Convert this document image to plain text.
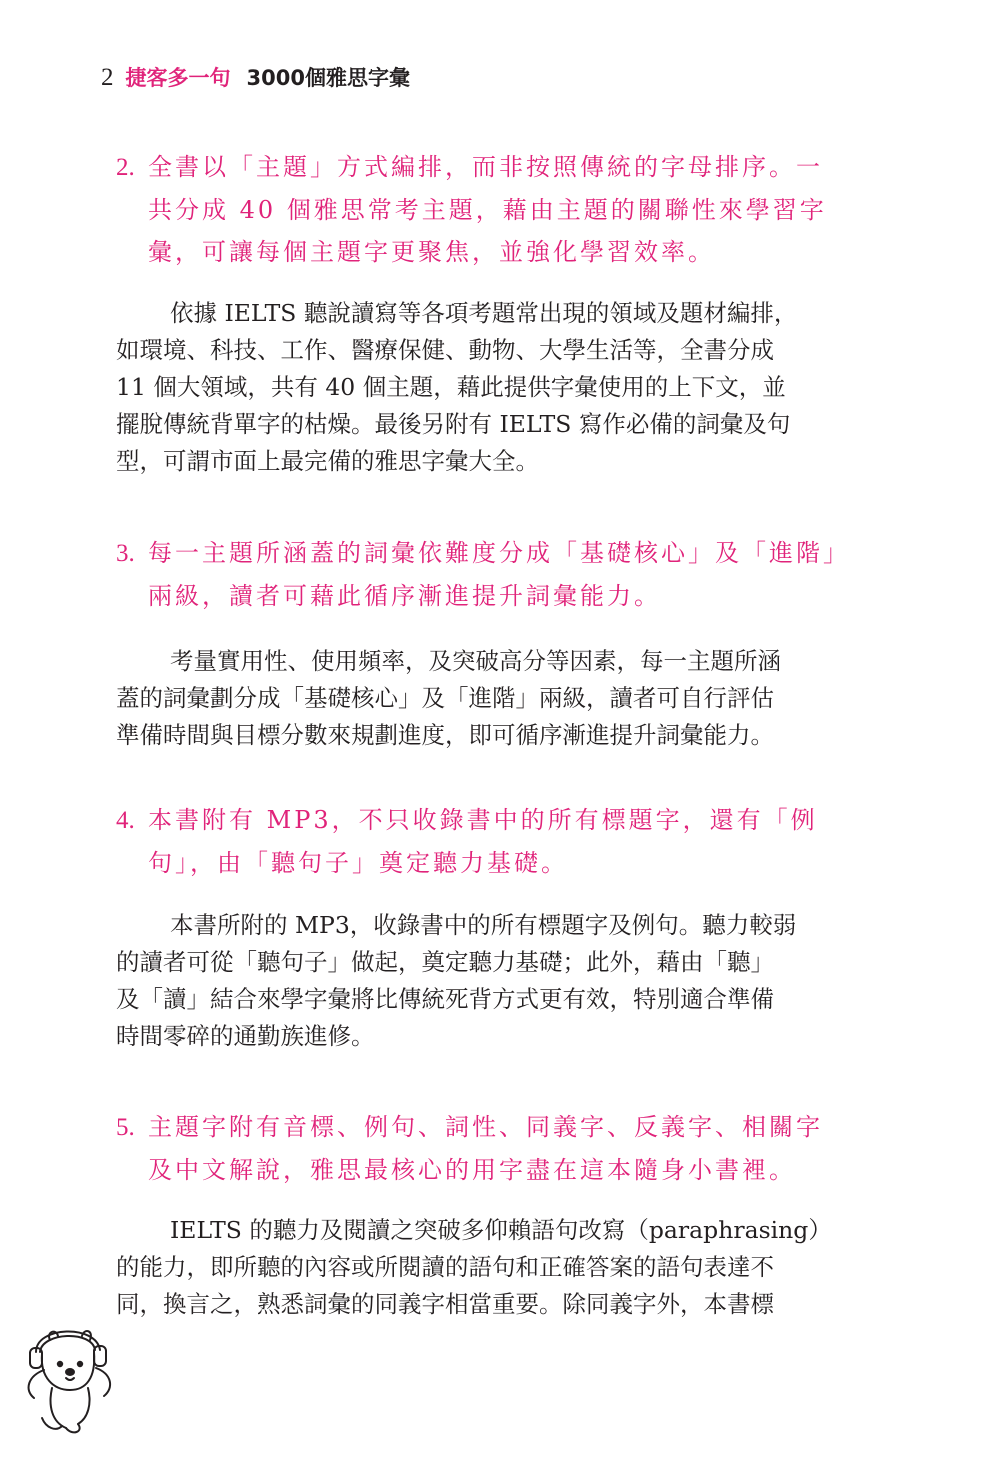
2 捷客多一句 3000個雅思字彙
2. 全書以「主題」方式編排，而非按照傳統的字母排序。一
共分成 40 個雅思常考主題，藉由主題的關聯性來學習字
彙，可讓每個主題字更聚焦，並強化學習效率。
依據 IELTS 聽說讀寫等各項考題常出現的領域及題材編排，
如環境、科技、工作、醫療保健、動物、大學生活等，全書分成
11 個大領域，共有 40 個主題，藉此提供字彙使用的上下文，並
擺脫傳統背單字的枯燥。最後另附有 IELTS 寫作必備的詞彙及句
型，可謂市面上最完備的雅思字彙大全。
3. 每一主題所涵蓋的詞彙依難度分成「基礎核心」及「進階」
兩級，讀者可藉此循序漸進提升詞彙能力。
考量實用性、使用頻率，及突破高分等因素，每一主題所涵
蓋的詞彙劃分成「基礎核心」及「進階」兩級，讀者可自行評估
準備時間與目標分數來規劃進度，即可循序漸進提升詞彙能力。
4. 本書附有 MP3，不只收錄書中的所有標題字，還有「例
句」，由「聽句子」奠定聽力基礎。
本書所附的 MP3，收錄書中的所有標題字及例句。聽力較弱
的讀者可從「聽句子」做起，奠定聽力基礎；此外，藉由「聽」
及「讀」結合來學字彙將比傳統死背方式更有效，特別適合準備
時間零碎的通勤族進修。
5. 主題字附有音標、例句、詞性、同義字、反義字、相關字
及中文解說，雅思最核心的用字盡在這本隨身小書裡。
IELTS 的聽力及閱讀之突破多仰賴語句改寫（paraphrasing）
的能力，即所聽的內容或所閱讀的語句和正確答案的語句表達不
同，換言之，熟悉詞彙的同義字相當重要。除同義字外，本書標
